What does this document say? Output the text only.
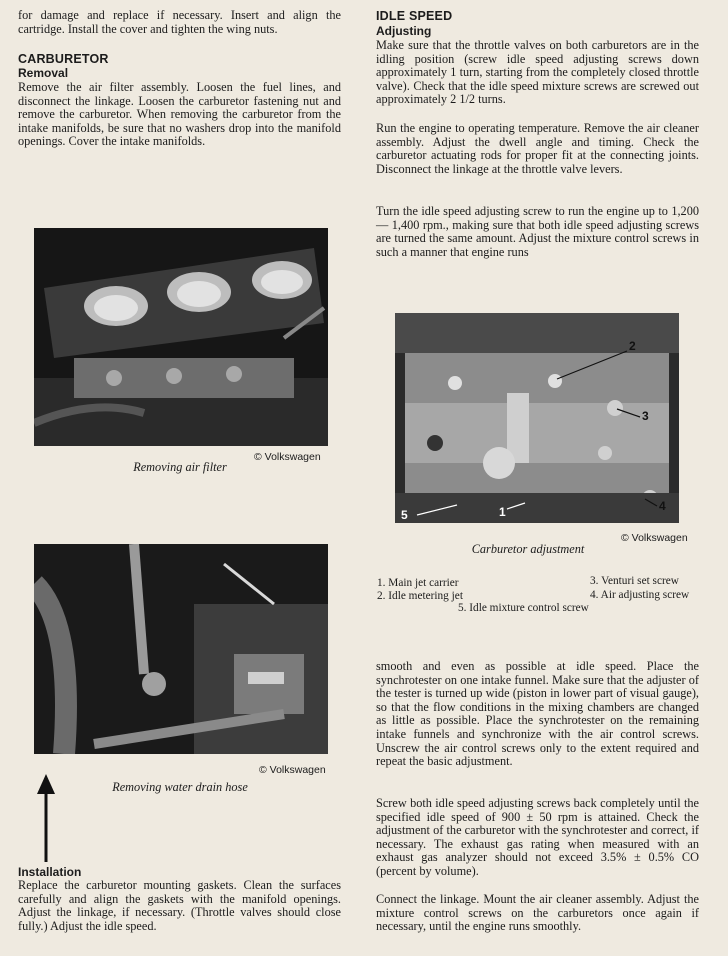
for damage and replace if necessary. Insert and align the cartridge. Install the cover and tighten the wing nuts.

CARBURETOR

Removal

Remove the air filter assembly. Loosen the fuel lines, and disconnect the linkage. Loosen the carburetor fastening nut and remove the carburetor. When removing the carburetor from the intake manifolds, be sure that no washers drop into the manifold openings. Cover the intake manifolds.

© Volkswagen

Removing air filter

© Volkswagen

Removing water drain hose

Installation

Replace the carburetor mounting gaskets. Clean the surfaces carefully and align the gaskets with the manifold openings. Adjust the linkage, if necessary. (Throttle valves should close fully.) Adjust the idle speed.

IDLE SPEED

Adjusting

Make sure that the throttle valves on both carburetors are in the idling position (screw idle speed adjusting screws down approximately 1 turn, starting from the completely closed throttle valve). Check that the idle speed mixture screws are screwed out approximately 2 1/2 turns.

Run the engine to operating temperature. Remove the air cleaner assembly. Adjust the dwell angle and timing. Check the carburetor actuating rods for proper fit at the connecting joints. Disconnect the linkage at the throttle valve levers.

Turn the idle speed adjusting screw to run the engine up to 1,200 — 1,400 rpm., making sure that both idle speed adjusting screws are turned the same amount. Adjust the mixture control screws in such a manner that engine runs

2
3
4
5	1

Carburetor adjustment

© Volkswagen

1. Main jet carrier

2. Idle metering jet

3. Venturi set screw

4. Air adjusting screw

5. Idle mixture control screw

smooth and even as possible at idle speed. Place the synchrotester on one intake funnel. Make sure that the adjuster of the tester is turned up wide (piston in lower part of visual gauge), so that the flow conditions in the mixing chambers are changed as little as possible. Place the synchrotester on the remaining intake funnels and synchronize with the air control screws. Unscrew the air control screws only to the extent required and repeat the basic adjustment.

Screw both idle speed adjusting screws back completely until the specified idle speed of 900 ± 50 rpm is attained. Check the adjustment of the carburetor with the synchrotester and correct, if necessary. The exhaust gas rating when measured with an exhaust gas analyzer should not exceed 3.5% ± 0.5% CO (percent by volume).

Connect the linkage. Mount the air cleaner assembly. Adjust the mixture control screws on the carburetors once again if necessary, until the engine runs smoothly.
